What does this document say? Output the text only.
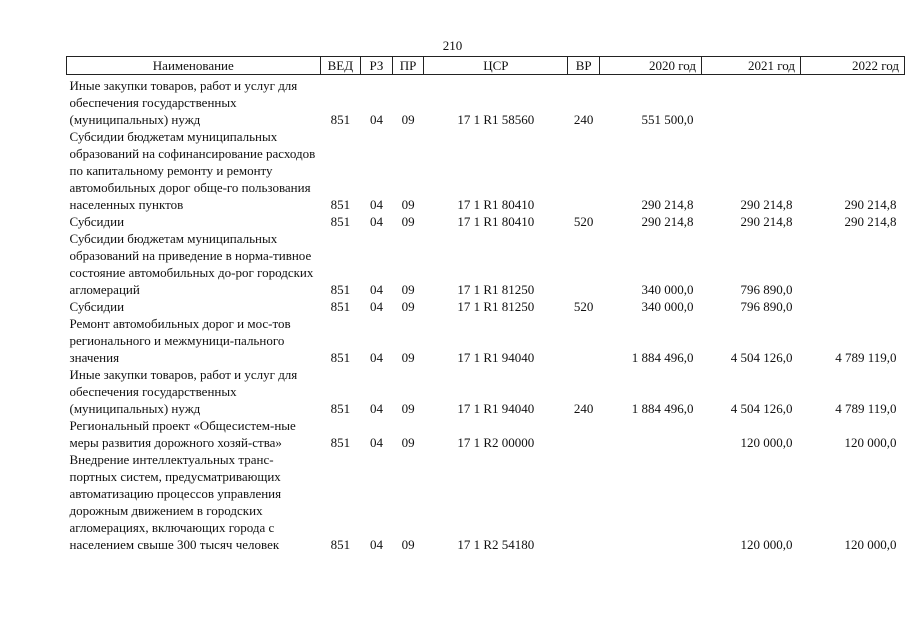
210
Наименование	ВЕД	РЗ	ПР	ЦСР	ВР	2020 год	2021 год	2022 год
Иные закупки товаров, работ и услуг для обеспечения государственных (муниципальных) нужд	851	04	09	17 1 R1 58560	240	551 500,0		
Субсидии бюджетам муниципальных образований на софинансирование расходов по капитальному ремонту и ремонту автомобильных дорог обще-го пользования населенных пунктов	851	04	09	17 1 R1 80410		290 214,8	290 214,8	290 214,8
Субсидии	851	04	09	17 1 R1 80410	520	290 214,8	290 214,8	290 214,8
Субсидии бюджетам муниципальных образований на приведение в норма-тивное состояние автомобильных до-рог городских агломераций	851	04	09	17 1 R1 81250		340 000,0	796 890,0	
Субсидии	851	04	09	17 1 R1 81250	520	340 000,0	796 890,0	
Ремонт автомобильных дорог и мос-тов регионального и межмуници-пального значения	851	04	09	17 1 R1 94040		1 884 496,0	4 504 126,0	4 789 119,0
Иные закупки товаров, работ и услуг для обеспечения государственных (муниципальных) нужд	851	04	09	17 1 R1 94040	240	1 884 496,0	4 504 126,0	4 789 119,0
Региональный проект «Общесистем-ные меры развития дорожного хозяй-ства»	851	04	09	17 1 R2 00000			120 000,0	120 000,0
Внедрение интеллектуальных транс-портных систем, предусматривающих автоматизацию процессов управления дорожным движением в городских агломерациях, включающих города с населением свыше 300 тысяч человек	851	04	09	17 1 R2 54180			120 000,0	120 000,0
